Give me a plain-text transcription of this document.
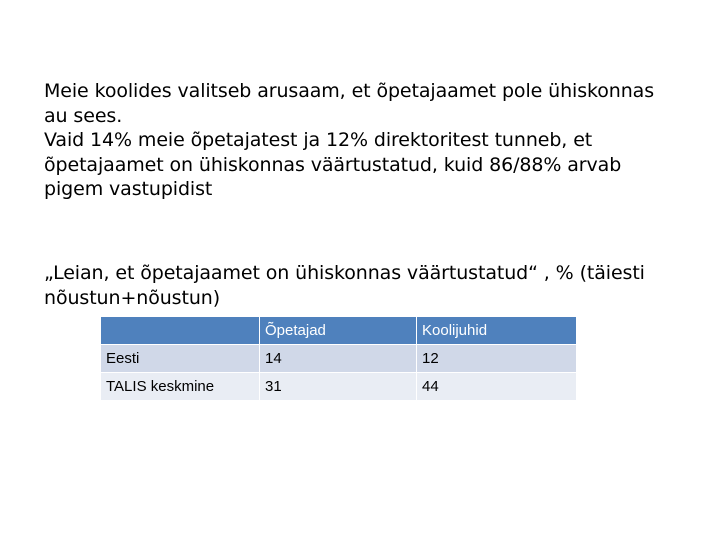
Meie koolides valitseb arusaam, et õpetajaamet pole ühiskonnas
au sees.
Vaid 14% meie õpetajatest ja 12% direktoritest tunneb, et
õpetajaamet on ühiskonnas väärtustatud, kuid 86/88% arvab
pigem vastupidist
„Leian, et õpetajaamet on ühiskonnas väärtustatud“ , % (täiesti
nõustun+nõustun)
	Õpetajad	Koolijuhid
Eesti	14	12
TALIS keskmine	31	44
